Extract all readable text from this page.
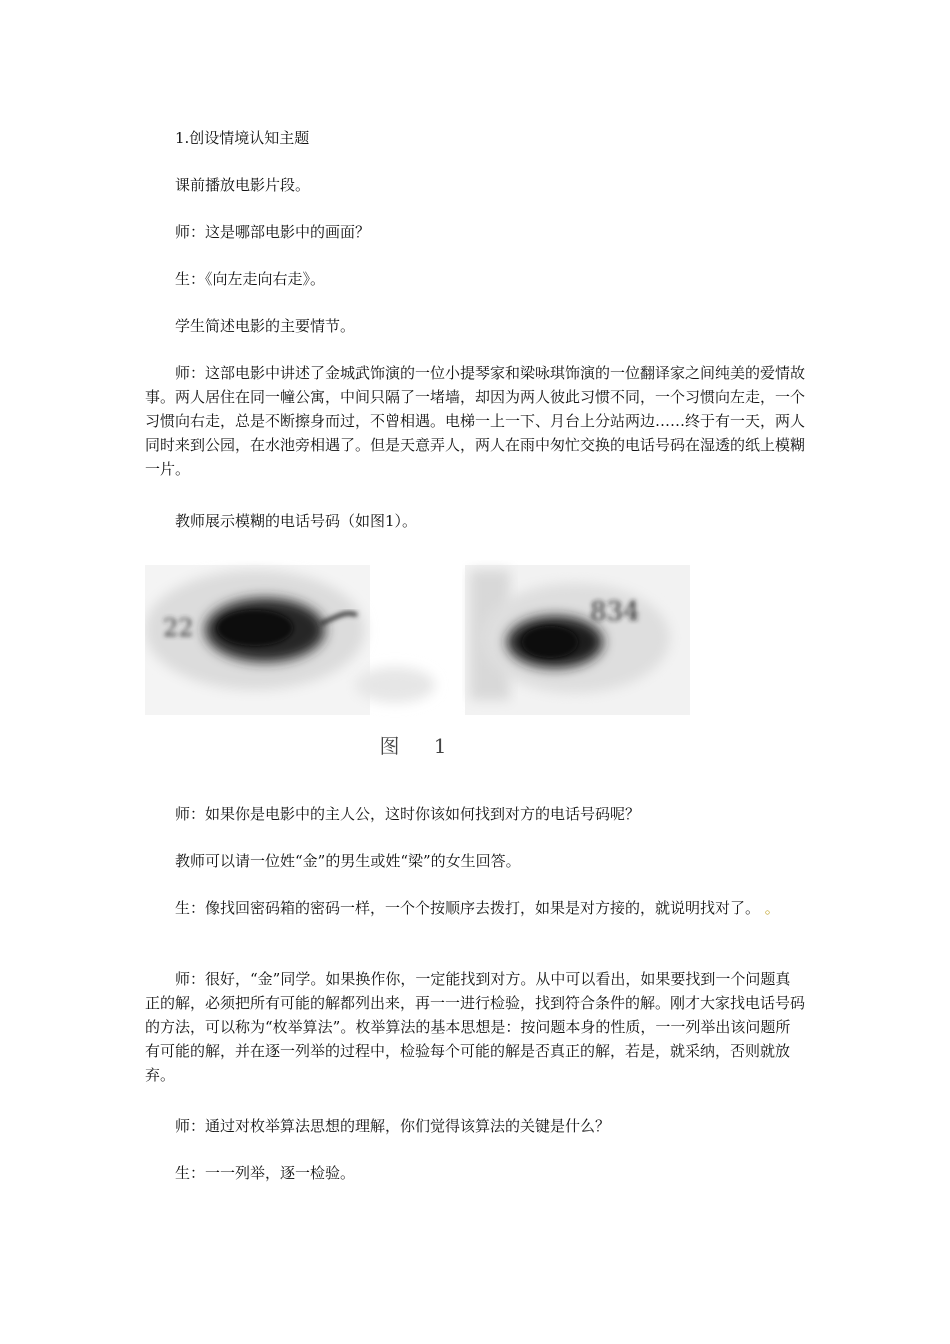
1.创设情境认知主题

课前播放电影片段。

师：这是哪部电影中的画面？

生：《向左走向右走》。

学生简述电影的主要情节。

师：这部电影中讲述了金城武饰演的一位小提琴家和梁咏琪饰演的一位翻译家之间纯美的爱情故事。两人居住在同一幢公寓，中间只隔了一堵墙，却因为两人彼此习惯不同，一个习惯向左走，一个习惯向右走，总是不断擦身而过，不曾相遇。电梯一上一下、月台上分站两边……终于有一天，两人同时来到公园，在水池旁相遇了。但是天意弄人，两人在雨中匆忙交换的电话号码在湿透的纸上模糊一片。

教师展示模糊的电话号码（如图1）。

22
834
图 1

师：如果你是电影中的主人公，这时你该如何找到对方的电话号码呢？

教师可以请一位姓“金”的男生或姓“梁”的女生回答。

生：像找回密码箱的密码一样，一个个按顺序去拨打，如果是对方接的，就说明找对了。 。

师：很好，“金”同学。如果换作你，一定能找到对方。从中可以看出，如果要找到一个问题真正的解，必须把所有可能的解都列出来，再一一进行检验，找到符合条件的解。刚才大家找电话号码的方法，可以称为“枚举算法”。枚举算法的基本思想是：按问题本身的性质，一一列举出该问题所有可能的解，并在逐一列举的过程中，检验每个可能的解是否真正的解，若是，就采纳，否则就放弃。

师：通过对枚举算法思想的理解，你们觉得该算法的关键是什么？

生：一一列举，逐一检验。
